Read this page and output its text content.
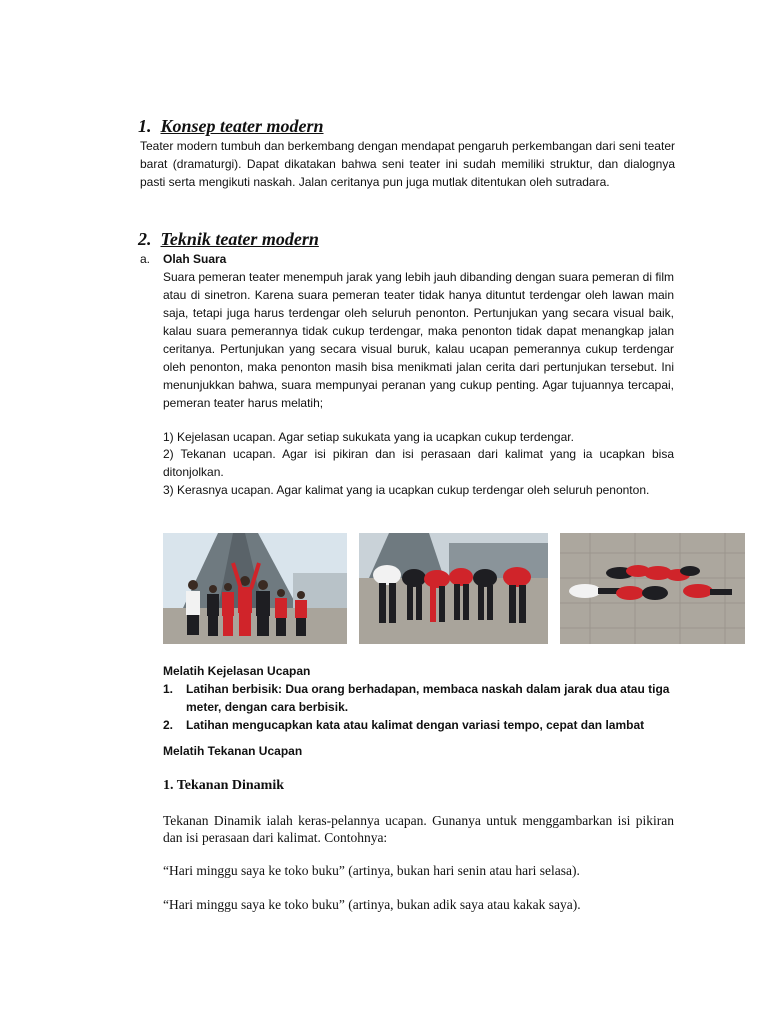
1. Konsep teater modern
Teater modern tumbuh dan berkembang dengan mendapat pengaruh perkembangan dari seni teater barat (dramaturgi). Dapat dikatakan bahwa seni teater ini sudah memiliki struktur, dan dialognya pasti serta mengikuti naskah. Jalan ceritanya pun juga mutlak ditentukan oleh sutradara.
2. Teknik teater modern
a. Olah Suara
Suara pemeran teater menempuh jarak yang lebih jauh dibanding dengan suara pemeran di film atau di sinetron. Karena suara pemeran teater tidak hanya dituntut terdengar oleh lawan main saja, tetapi juga harus terdengar oleh seluruh penonton. Pertunjukan yang secara visual baik, kalau suara pemerannya tidak cukup terdengar, maka penonton tidak dapat menangkap jalan ceritanya. Pertunjukan yang secara visual buruk, kalau ucapan pemerannya cukup terdengar oleh penonton, maka penonton masih bisa menikmati jalan cerita dari pertunjukan tersebut. Ini menunjukkan bahwa, suara mempunyai peranan yang cukup penting. Agar tujuannya tercapai, pemeran teater harus melatih;
1) Kejelasan ucapan. Agar setiap sukukata yang ia ucapkan cukup terdengar.
2) Tekanan ucapan. Agar isi pikiran dan isi perasaan dari kalimat yang ia ucapkan bisa ditonjolkan.
3) Kerasnya ucapan. Agar kalimat yang ia ucapkan cukup terdengar oleh seluruh penonton.
Melatih Kejelasan Ucapan
1.	Latihan berbisik: Dua orang berhadapan, membaca naskah dalam jarak dua atau tiga meter, dengan cara berbisik.
2.	Latihan mengucapkan kata atau kalimat dengan variasi tempo, cepat dan lambat
Melatih Tekanan Ucapan
1. Tekanan Dinamik
Tekanan Dinamik ialah keras-pelannya ucapan. Gunanya untuk menggambarkan isi pikiran dan isi perasaan dari kalimat. Contohnya:
“Hari minggu saya ke toko buku” (artinya, bukan hari senin atau hari selasa).
“Hari minggu saya ke toko buku” (artinya, bukan adik saya atau kakak saya).
